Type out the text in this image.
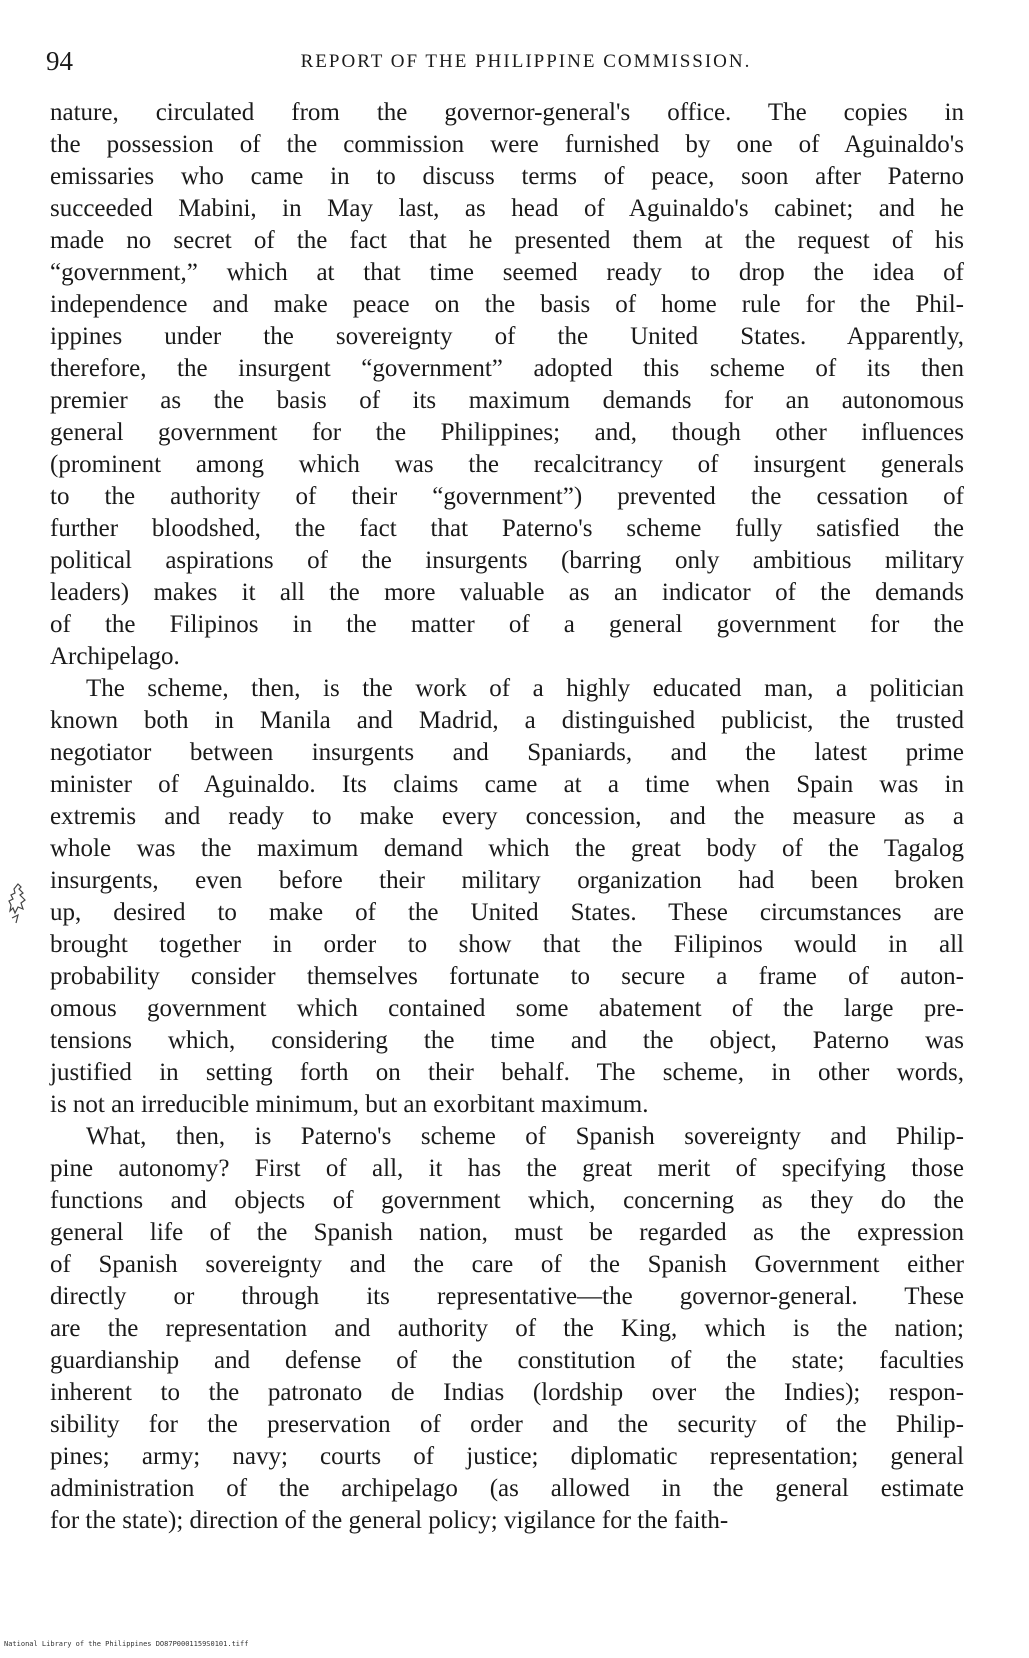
94	REPORT OF THE PHILIPPINE COMMISSION.
nature, circulated from the governor-general's office. The copies in
the possession of the commission were furnished by one of Aguinaldo's
emissaries who came in to discuss terms of peace, soon after Paterno
succeeded Mabini, in May last, as head of Aguinaldo's cabinet; and he
made no secret of the fact that he presented them at the request of his
“government,” which at that time seemed ready to drop the idea of
independence and make peace on the basis of home rule for the Phil-
ippines under the sovereignty of the United States. Apparently,
therefore, the insurgent “government” adopted this scheme of its then
premier as the basis of its maximum demands for an autonomous
general government for the Philippines; and, though other influences
(prominent among which was the recalcitrancy of insurgent generals
to the authority of their “government”) prevented the cessation of
further bloodshed, the fact that Paterno's scheme fully satisfied the
political aspirations of the insurgents (barring only ambitious military
leaders) makes it all the more valuable as an indicator of the demands
of the Filipinos in the matter of a general government for the
Archipelago.
The scheme, then, is the work of a highly educated man, a politician
known both in Manila and Madrid, a distinguished publicist, the trusted
negotiator between insurgents and Spaniards, and the latest prime
minister of Aguinaldo. Its claims came at a time when Spain was in
extremis and ready to make every concession, and the measure as a
whole was the maximum demand which the great body of the Tagalog
insurgents, even before their military organization had been broken
up, desired to make of the United States. These circumstances are
brought together in order to show that the Filipinos would in all
probability consider themselves fortunate to secure a frame of auton-
omous government which contained some abatement of the large pre-
tensions which, considering the time and the object, Paterno was
justified in setting forth on their behalf. The scheme, in other words,
is not an irreducible minimum, but an exorbitant maximum.
What, then, is Paterno's scheme of Spanish sovereignty and Philip-
pine autonomy? First of all, it has the great merit of specifying those
functions and objects of government which, concerning as they do the
general life of the Spanish nation, must be regarded as the expression
of Spanish sovereignty and the care of the Spanish Government either
directly or through its representative—the governor-general. These
are the representation and authority of the King, which is the nation;
guardianship and defense of the constitution of the state; faculties
inherent to the patronato de Indias (lordship over the Indies); respon-
sibility for the preservation of order and the security of the Philip-
pines; army; navy; courts of justice; diplomatic representation; general
administration of the archipelago (as allowed in the general estimate
for the state); direction of the general policy; vigilance for the faith-
National Library of the Philippines DO87P0001159S0101.tiff
